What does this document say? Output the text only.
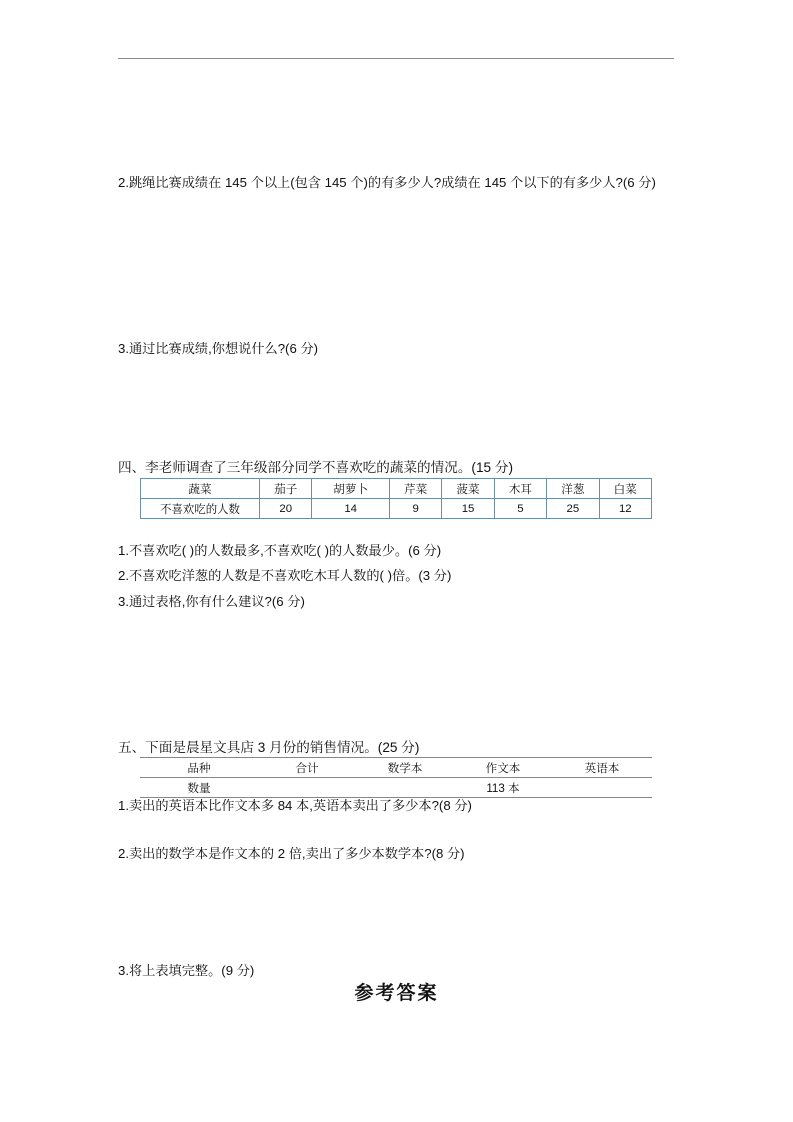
2.跳绳比赛成绩在 145 个以上(包含 145 个)的有多少人?成绩在 145 个以下的有多少人?(6 分)
3.通过比赛成绩,你想说什么?(6 分)
四、李老师调查了三年级部分同学不喜欢吃的蔬菜的情况。(15 分)
蔬菜	茄子	胡萝卜	芹菜	菠菜	木耳	洋葱	白菜
不喜欢吃的人数	20	14	9	15	5	25	12
1.不喜欢吃( )的人数最多,不喜欢吃( )的人数最少。(6 分)
2.不喜欢吃洋葱的人数是不喜欢吃木耳人数的( )倍。(3 分)
3.通过表格,你有什么建议?(6 分)
五、下面是晨星文具店 3 月份的销售情况。(25 分)
品种	合计	数学本	作文本	英语本
数量			113 本	
1.卖出的英语本比作文本多 84 本,英语本卖出了多少本?(8 分)
2.卖出的数学本是作文本的 2 倍,卖出了多少本数学本?(8 分)
3.将上表填完整。(9 分)
参考答案
